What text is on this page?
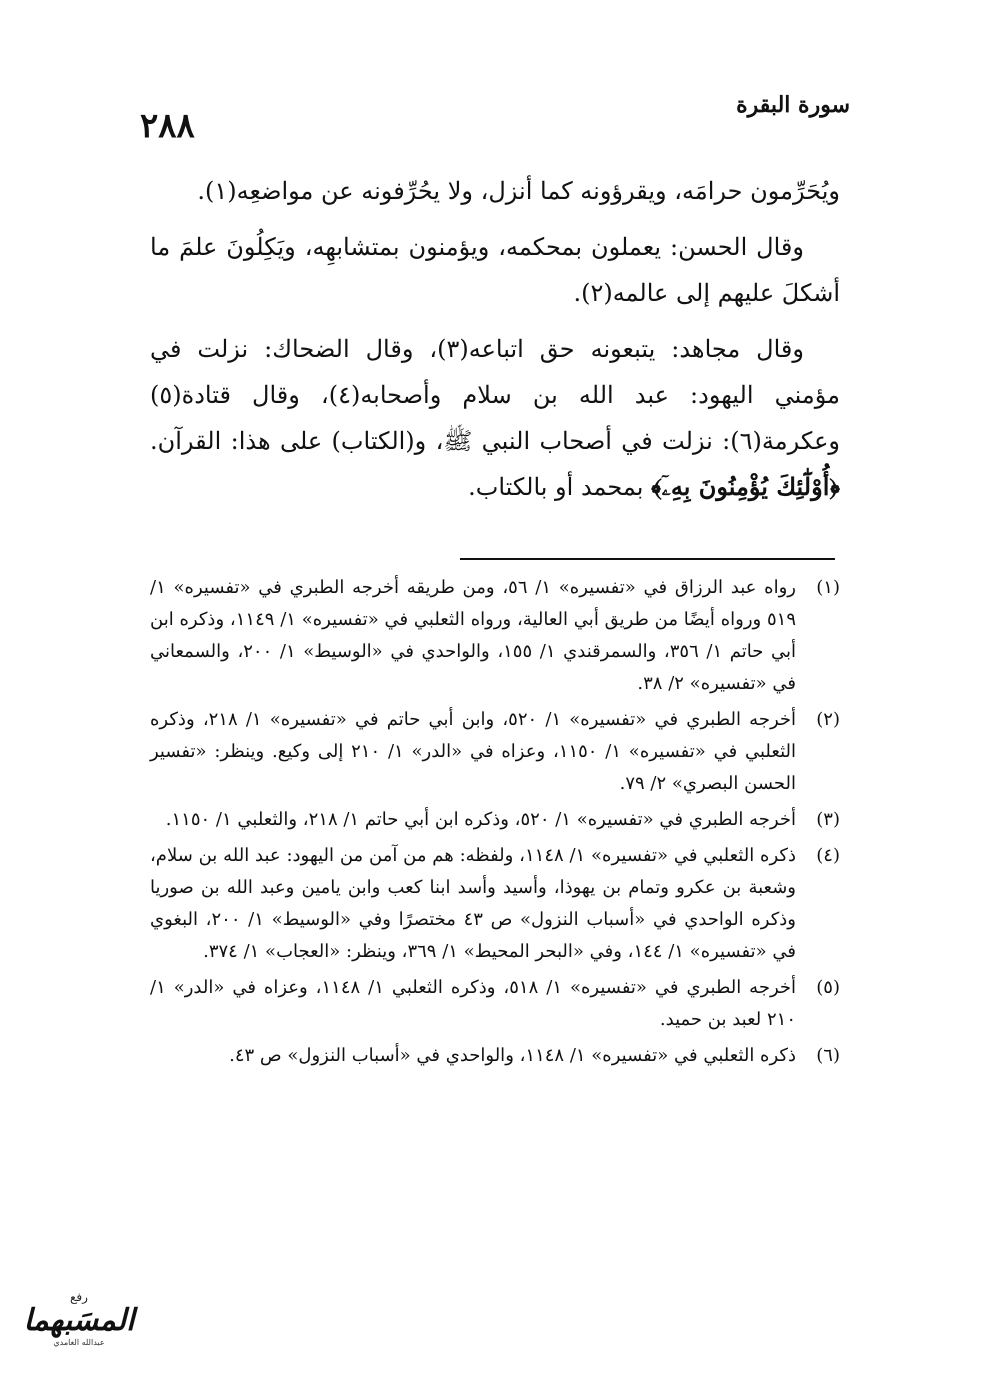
٢٨٨
سورة البقرة

ويُحَرِّمون حرامَه، ويقرؤونه كما أنزل، ولا يحُرِّفونه عن مواضعِه(١).

وقال الحسن: يعملون بمحكمه، ويؤمنون بمتشابهِه، ويَكِلُونَ علمَ ما أشكلَ عليهم إلى عالمه(٢).

وقال مجاهد: يتبعونه حق اتباعه(٣)، وقال الضحاك: نزلت في مؤمني اليهود: عبد الله بن سلام وأصحابه(٤)، وقال قتادة(٥) وعكرمة(٦): نزلت في أصحاب النبي ﷺ، و(الكتاب) على هذا: القرآن. ﴿أُوْلَٰٓئِكَ يُؤْمِنُونَ بِهِۦٓ﴾ بمحمد أو بالكتاب.

(١)
رواه عبد الرزاق في «تفسيره» ١/ ٥٦، ومن طريقه أخرجه الطبري في «تفسيره» ١/ ٥١٩ ورواه أيضًا من طريق أبي العالية، ورواه الثعلبي في «تفسيره» ١/ ١١٤٩، وذكره ابن أبي حاتم ١/ ٣٥٦، والسمرقندي ١/ ١٥٥، والواحدي في «الوسيط» ١/ ٢٠٠، والسمعاني في «تفسيره» ٢/ ٣٨.
(٢)
أخرجه الطبري في «تفسيره» ١/ ٥٢٠، وابن أبي حاتم في «تفسيره» ١/ ٢١٨، وذكره الثعلبي في «تفسيره» ١/ ١١٥٠، وعزاه في «الدر» ١/ ٢١٠ إلى وكيع. وينظر: «تفسير الحسن البصري» ٢/ ٧٩.
(٣)
أخرجه الطبري في «تفسيره» ١/ ٥٢٠، وذكره ابن أبي حاتم ١/ ٢١٨، والثعلبي ١/ ١١٥٠.
(٤)
ذكره الثعلبي في «تفسيره» ١/ ١١٤٨، ولفظه: هم من آمن من اليهود: عبد الله بن سلام، وشعبة بن عكرو وتمام بن يهوذا، وأسيد وأسد ابنا كعب وابن يامين وعبد الله بن صوريا وذكره الواحدي في «أسباب النزول» ص ٤٣ مختصرًا وفي «الوسيط» ١/ ٢٠٠، البغوي في «تفسيره» ١/ ١٤٤، وفي «البحر المحيط» ١/ ٣٦٩، وينظر: «العجاب» ١/ ٣٧٤.
(٥)
أخرجه الطبري في «تفسيره» ١/ ٥١٨، وذكره الثعلبي ١/ ١١٤٨، وعزاه في «الدر» ١/ ٢١٠ لعبد بن حميد.
(٦)
ذكره الثعلبي في «تفسيره» ١/ ١١٤٨، والواحدي في «أسباب النزول» ص ٤٣.
رفع
المسَبهما
عبدالله الغامدي
